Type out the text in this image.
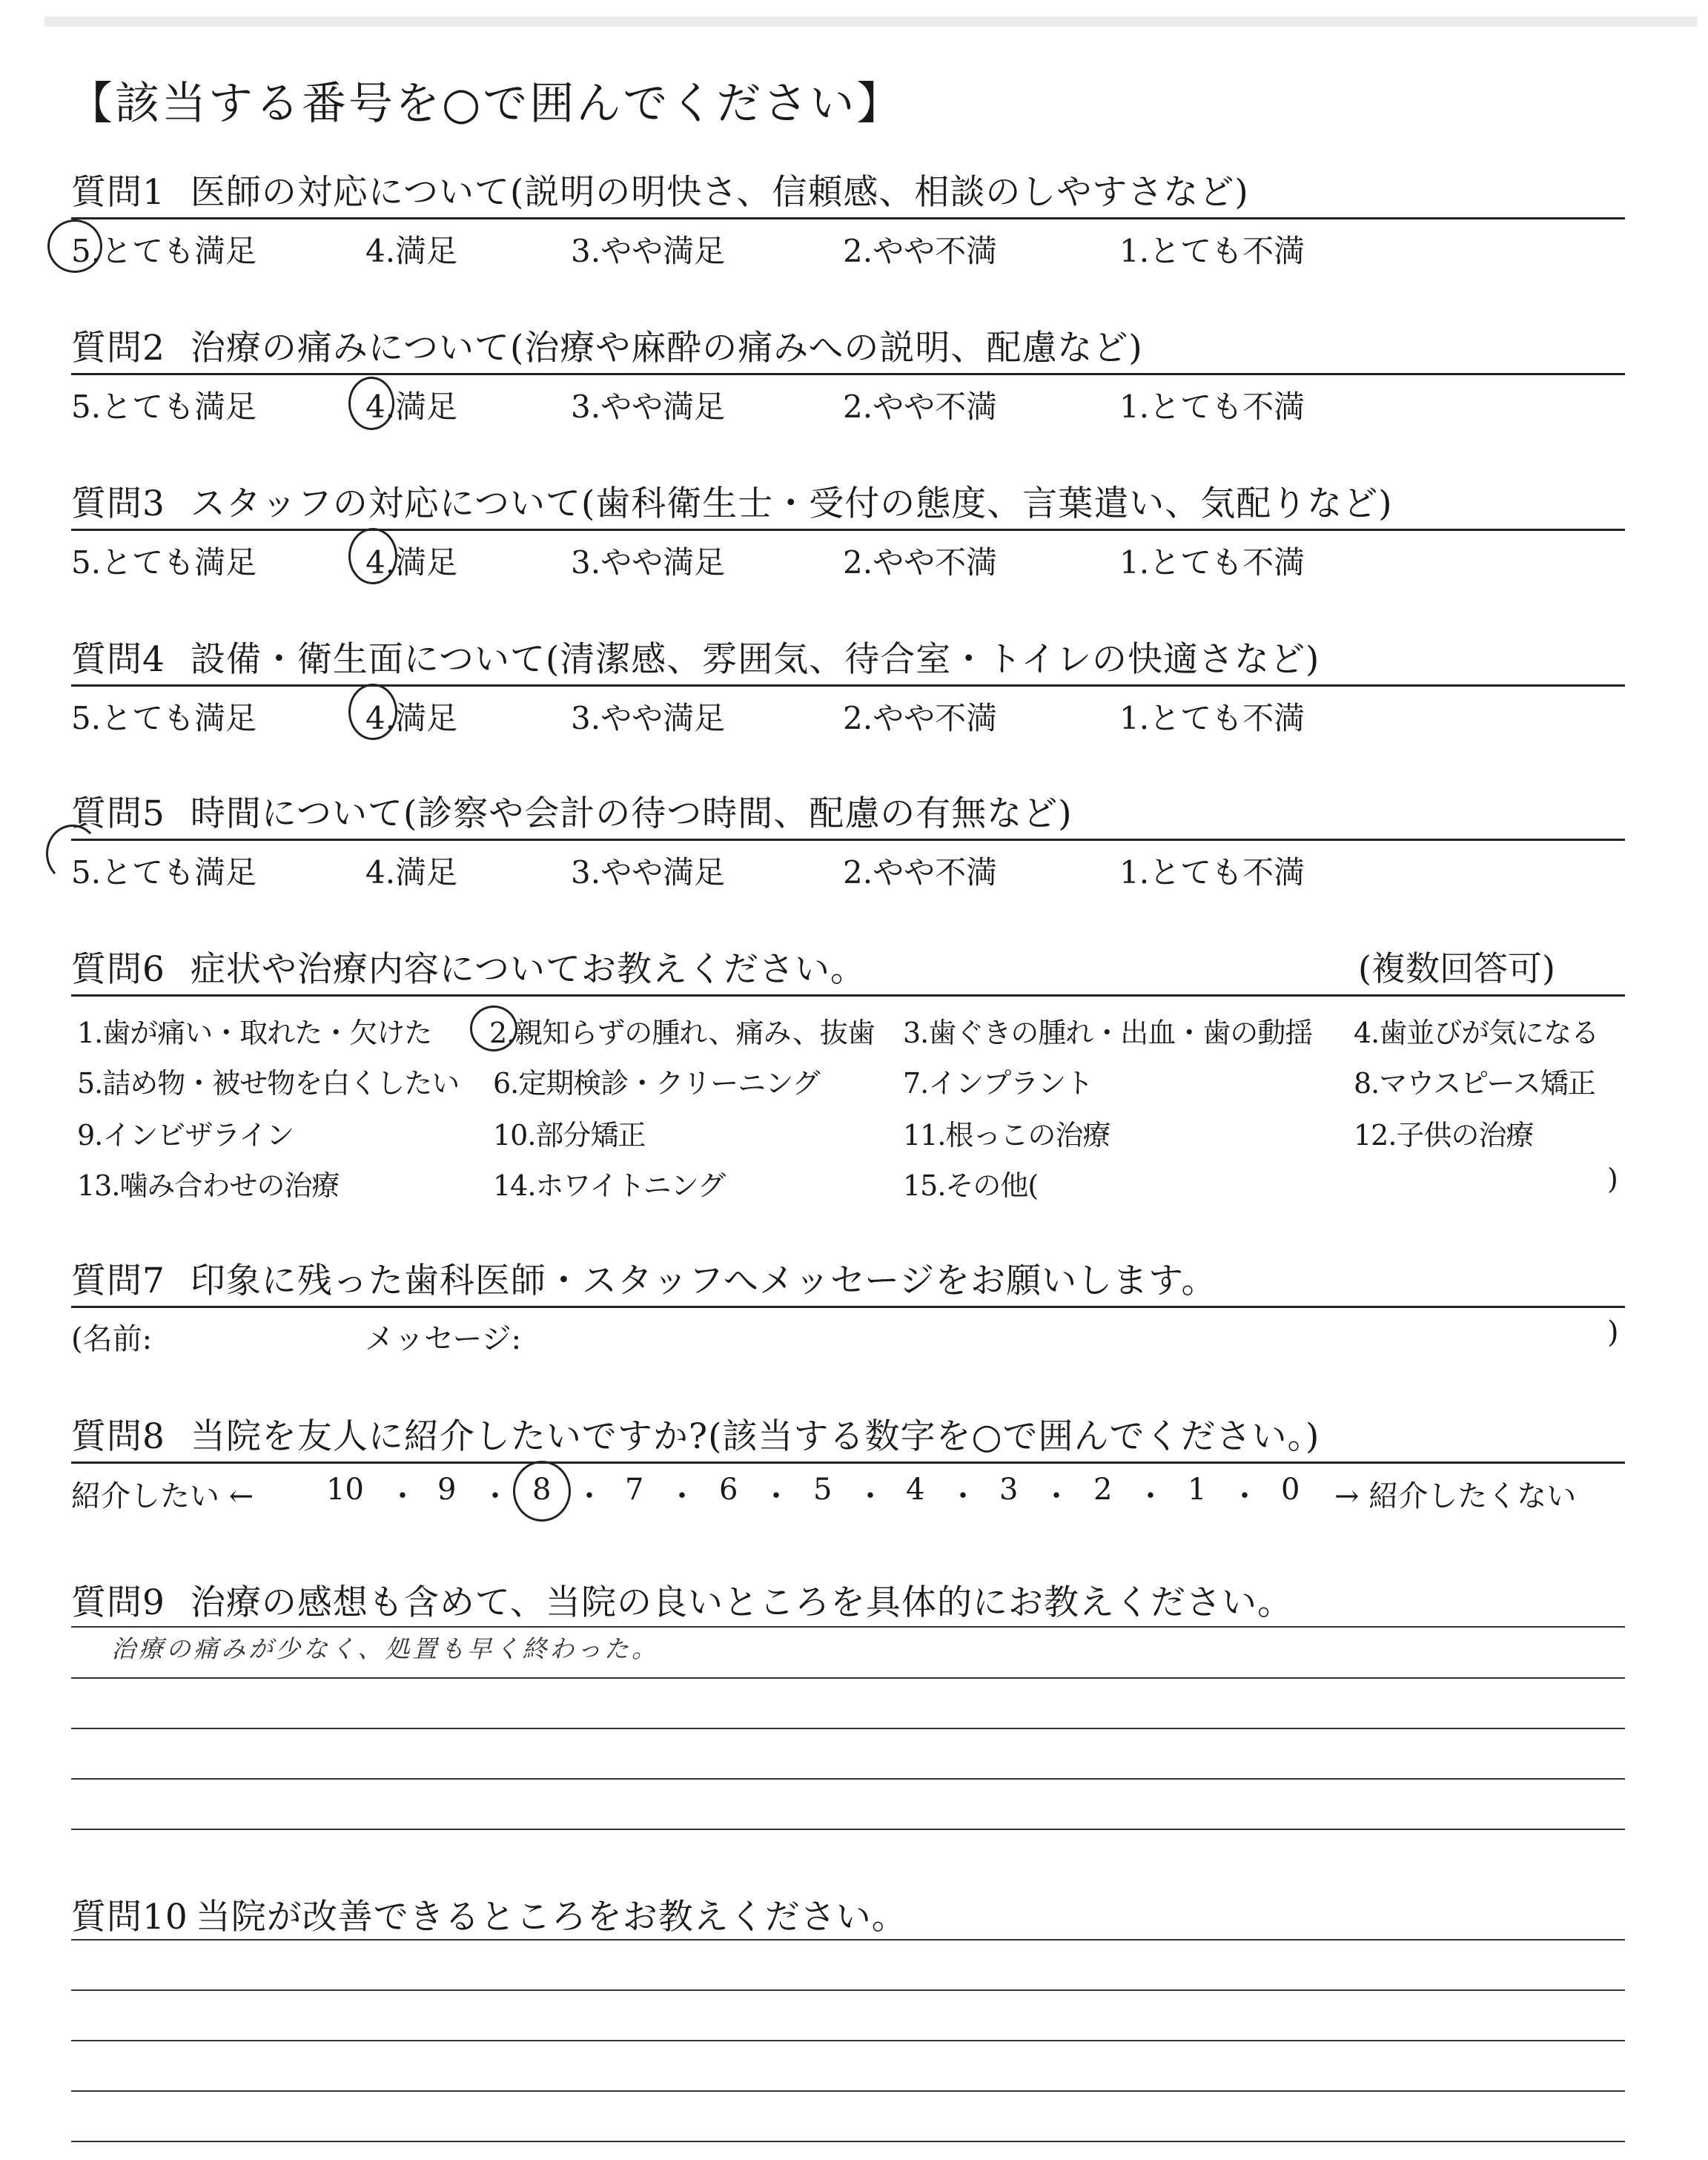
【該当する番号を○で囲んでください】
質問1 医師の対応について(説明の明快さ、信頼感、相談のしやすさなど)
5.とても満足	4.満足	3.やや満足	2.やや不満	1.とても不満
質問2 治療の痛みについて(治療や麻酔の痛みへの説明、配慮など)
5.とても満足	4.満足	3.やや満足	2.やや不満	1.とても不満
質問3 スタッフの対応について(歯科衛生士・受付の態度、言葉遣い、気配りなど)
5.とても満足	4.満足	3.やや満足	2.やや不満	1.とても不満
質問4 設備・衛生面について(清潔感、雰囲気、待合室・トイレの快適さなど)
5.とても満足	4.満足	3.やや満足	2.やや不満	1.とても不満
質問5 時間について(診察や会計の待つ時間、配慮の有無など)
5.とても満足	4.満足	3.やや満足	2.やや不満	1.とても不満
質問6 症状や治療内容についてお教えください。	(複数回答可)
1.歯が痛い・取れた・欠けた 2.親知らずの腫れ、痛み、抜歯 3.歯ぐきの腫れ・出血・歯の動揺 4.歯並びが気になる
5.詰め物・被せ物を白くしたい 6.定期検診・クリーニング	7.インプラント	8.マウスピース矯正
9.インビザライン	10.部分矯正	11.根っこの治療	12.子供の治療
13.噛み合わせの治療	14.ホワイトニング	15.その他(	)
質問7 印象に残った歯科医師・スタッフへメッセージをお願いします。
(名前:	メッセージ:	)
質問8 当院を友人に紹介したいですか?(該当する数字を○で囲んでください。)
紹介したい ← 10 ・ 9 ・ 8 ・ 7 ・ 6 ・ 5 ・ 4 ・ 3 ・ 2 ・ 1 ・ 0 → 紹介したくない
質問9 治療の感想も含めて、当院の良いところを具体的にお教えください。
治療の痛みが少なく、処置も早く終わった。
質問10 当院が改善できるところをお教えください。
